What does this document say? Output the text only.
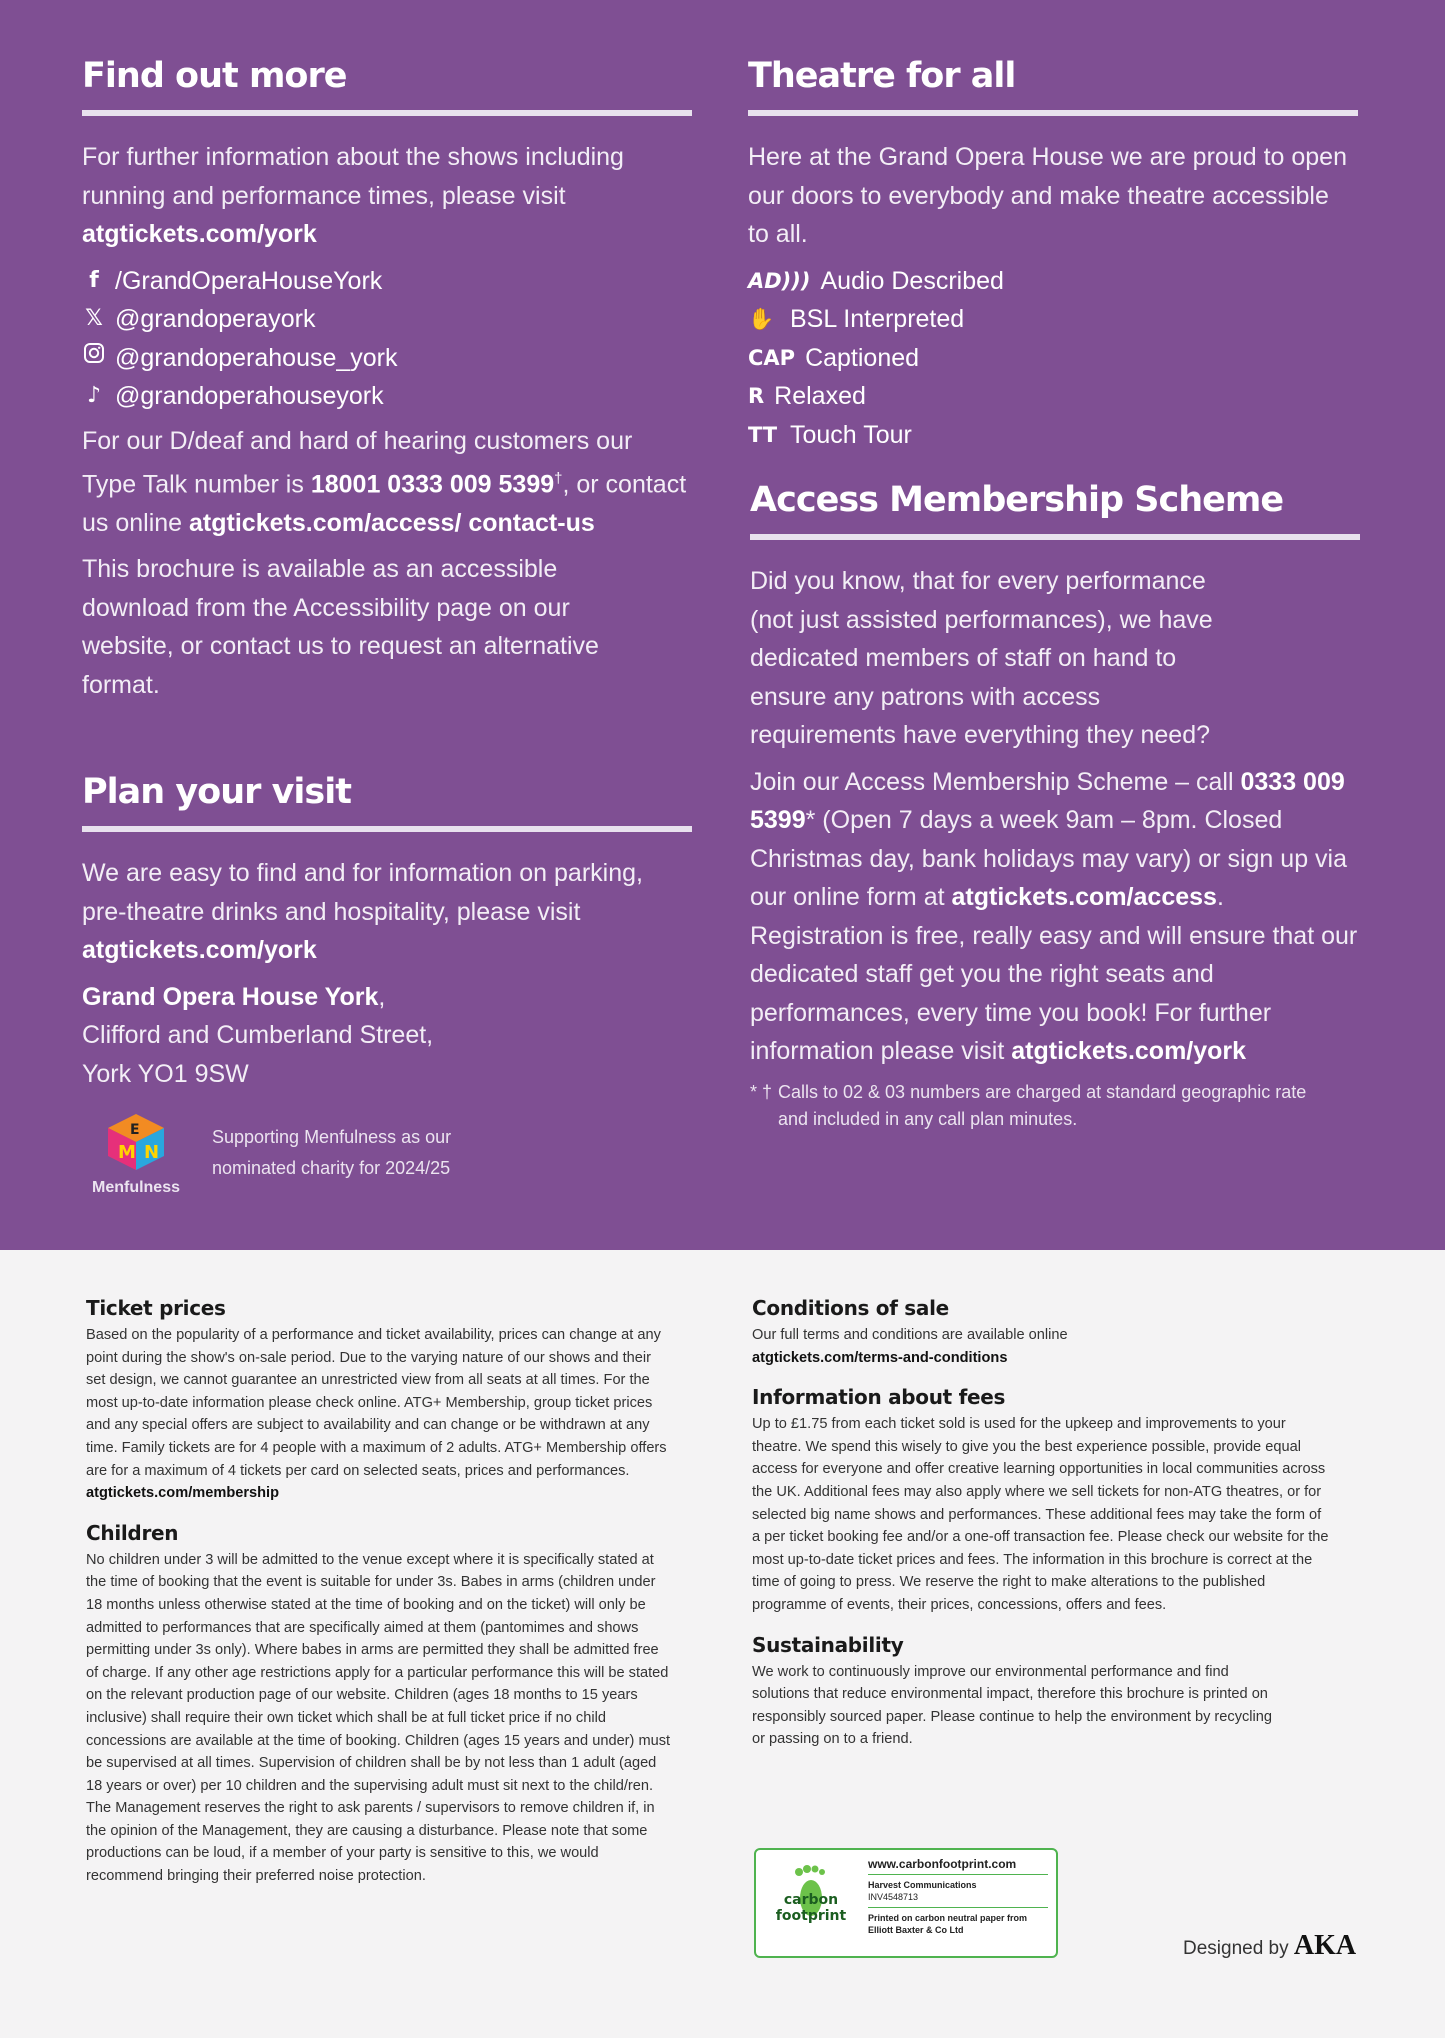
Find out more

For further information about the shows including running and performance times, please visit atgtickets.com/york

f /GrandOperaHouseYork

𝕏 @grandoperayork

@grandoperahouse_york

♪ @grandoperahouseyork

For our D/deaf and hard of hearing customers our Type Talk number is 18001 0333 009 5399†, or contact us online atgtickets.com/access/ contact-us

This brochure is available as an accessible download from the Accessibility page on our website, or contact us to request an alternative format.

Plan your visit

We are easy to find and for information on parking, pre-theatre drinks and hospitality, please visit atgtickets.com/york

Grand Opera House York,
Clifford and Cumberland Street,
York YO1 9SW

M
E
N
Menfulness

Supporting Menfulness as our nominated charity for 2024/25

Theatre for all

Here at the Grand Opera House we are proud to open our doors to everybody and make theatre accessible to all.

AD))) Audio Described

✋ BSL Interpreted

CAP Captioned

R Relaxed

TT Touch Tour

Access Membership Scheme

Did you know, that for every performance (not just assisted performances), we have dedicated members of staff on hand to ensure any patrons with access requirements have everything they need?

Join our Access Membership Scheme – call 0333 009 5399* (Open 7 days a week 9am – 8pm. Closed Christmas day, bank holidays may vary) or sign up via our online form at atgtickets.com/access. Registration is free, really easy and will ensure that our dedicated staff get you the right seats and performances, every time you book! For further information please visit atgtickets.com/york

* † Calls to 02 & 03 numbers are charged at standard geographic rate and included in any call plan minutes.

Ticket prices

Based on the popularity of a performance and ticket availability, prices can change at any point during the show's on-sale period. Due to the varying nature of our shows and their set design, we cannot guarantee an unrestricted view from all seats at all times. For the most up-to-date information please check online. ATG+ Membership, group ticket prices and any special offers are subject to availability and can change or be withdrawn at any time. Family tickets are for 4 people with a maximum of 2 adults. ATG+ Membership offers are for a maximum of 4 tickets per card on selected seats, prices and performances. atgtickets.com/membership

Children

No children under 3 will be admitted to the venue except where it is specifically stated at the time of booking that the event is suitable for under 3s. Babes in arms (children under 18 months unless otherwise stated at the time of booking and on the ticket) will only be admitted to performances that are specifically aimed at them (pantomimes and shows permitting under 3s only). Where babes in arms are permitted they shall be admitted free of charge. If any other age restrictions apply for a particular performance this will be stated on the relevant production page of our website. Children (ages 18 months to 15 years inclusive) shall require their own ticket which shall be at full ticket price if no child concessions are available at the time of booking. Children (ages 15 years and under) must be supervised at all times. Supervision of children shall be by not less than 1 adult (aged 18 years or over) per 10 children and the supervising adult must sit next to the child/ren. The Management reserves the right to ask parents / supervisors to remove children if, in the opinion of the Management, they are causing a disturbance. Please note that some productions can be loud, if a member of your party is sensitive to this, we would recommend bringing their preferred noise protection.

Conditions of sale

Our full terms and conditions are available online
atgtickets.com/terms-and-conditions

Information about fees

Up to £1.75 from each ticket sold is used for the upkeep and improvements to your theatre. We spend this wisely to give you the best experience possible, provide equal access for everyone and offer creative learning opportunities in local communities across the UK. Additional fees may also apply where we sell tickets for non-ATG theatres, or for selected big name shows and performances. These additional fees may take the form of a per ticket booking fee and/or a one-off transaction fee. Please check our website for the most up-to-date ticket prices and fees. The information in this brochure is correct at the time of going to press. We reserve the right to make alterations to the published programme of events, their prices, concessions, offers and fees.

Sustainability

We work to continuously improve our environmental performance and find solutions that reduce environmental impact, therefore this brochure is printed on responsibly sourced paper. Please continue to help the environment by recycling or passing on to a friend.

carbon
footprint
www.carbonfootprint.com
Harvest Communications
INV4548713
Printed on carbon neutral paper from Elliott Baxter & Co Ltd
Designed by AKA
